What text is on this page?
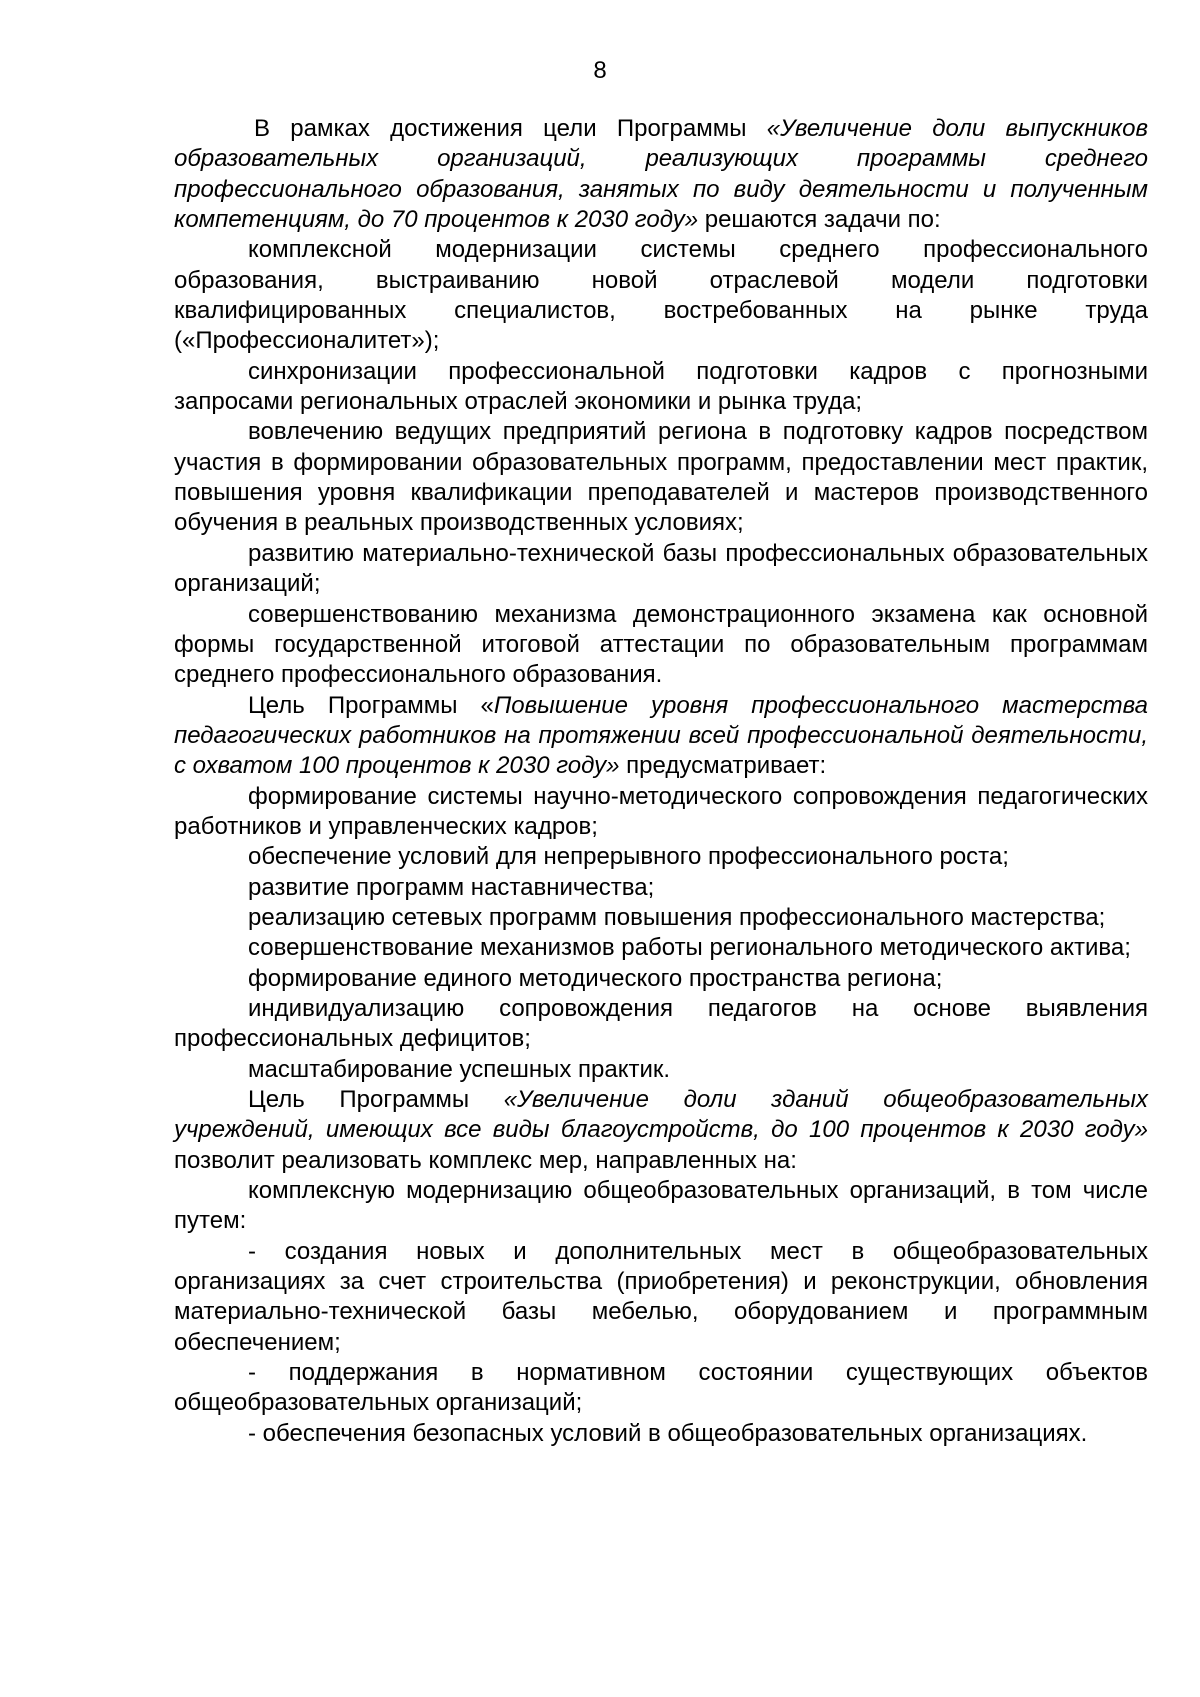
8

В рамках достижения цели Программы «Увеличение доли выпускников образовательных организаций, реализующих программы среднего профессионального образования, занятых по виду деятельности и полученным компетенциям, до 70 процентов к 2030 году» решаются задачи по:

комплексной модернизации системы среднего профессионального образования, выстраиванию новой отраслевой модели подготовки квалифицированных специалистов, востребованных на рынке труда («Профессионалитет»);

синхронизации профессиональной подготовки кадров с прогнозными запросами региональных отраслей экономики и рынка труда;

вовлечению ведущих предприятий региона в подготовку кадров посредством участия в формировании образовательных программ, предоставлении мест практик, повышения уровня квалификации преподавателей и мастеров производственного обучения в реальных производственных условиях;

развитию материально-технической базы профессиональных образовательных организаций;

совершенствованию механизма демонстрационного экзамена как основной формы государственной итоговой аттестации по образовательным программам среднего профессионального образования.

Цель Программы «Повышение уровня профессионального мастерства педагогических работников на протяжении всей профессиональной деятельности, с охватом 100 процентов к 2030 году» предусматривает:

формирование системы научно-методического сопровождения педагогических работников и управленческих кадров;

обеспечение условий для непрерывного профессионального роста;

развитие программ наставничества;

реализацию сетевых программ повышения профессионального мастерства;

совершенствование механизмов работы регионального методического актива;

формирование единого методического пространства региона;

индивидуализацию сопровождения педагогов на основе выявления профессиональных дефицитов;

масштабирование успешных практик.

Цель Программы «Увеличение доли зданий общеобразовательных учреждений, имеющих все виды благоустройств, до 100 процентов к 2030 году» позволит реализовать комплекс мер, направленных на:

комплексную модернизацию общеобразовательных организаций, в том числе путем:

- создания новых и дополнительных мест в общеобразовательных организациях за счет строительства (приобретения) и реконструкции, обновления материально-технической базы мебелью, оборудованием и программным обеспечением;

- поддержания в нормативном состоянии существующих объектов общеобразовательных организаций;

- обеспечения безопасных условий в общеобразовательных организациях.
